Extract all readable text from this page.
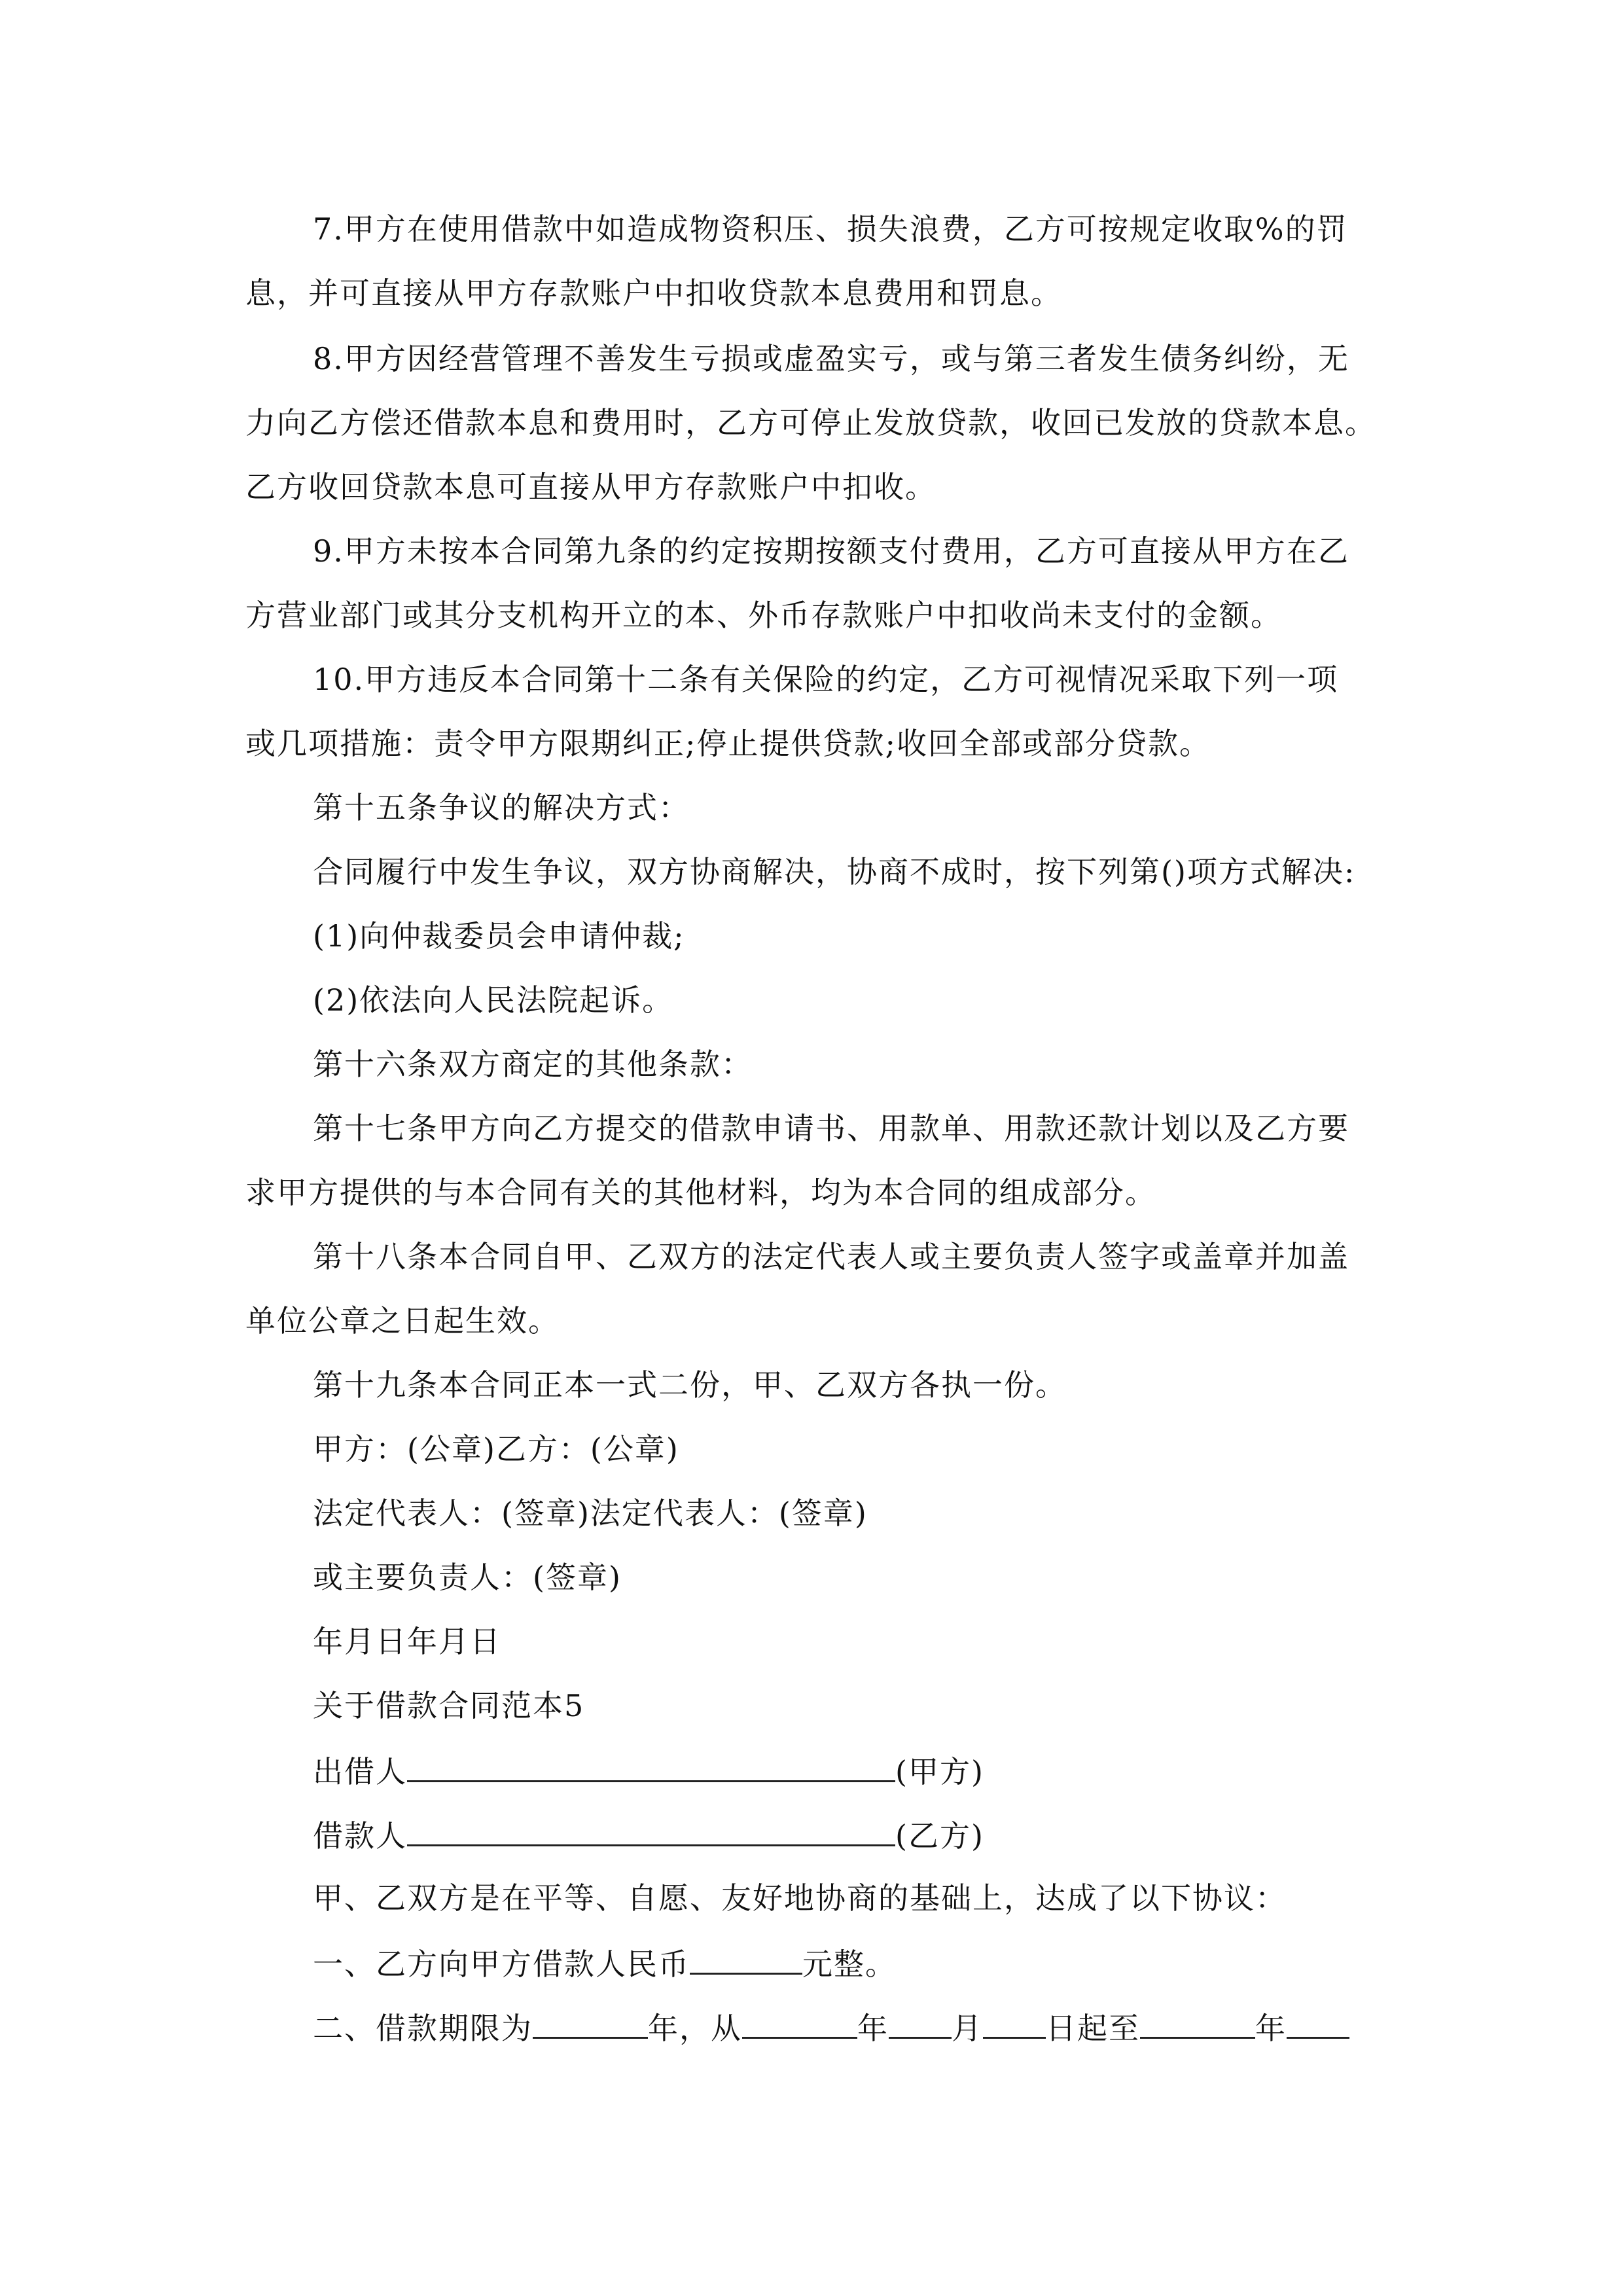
7.甲方在使用借款中如造成物资积压、损失浪费，乙方可按规定收取%的罚
息，并可直接从甲方存款账户中扣收贷款本息费用和罚息。
8.甲方因经营管理不善发生亏损或虚盈实亏，或与第三者发生债务纠纷，无
力向乙方偿还借款本息和费用时，乙方可停止发放贷款，收回已发放的贷款本息。
乙方收回贷款本息可直接从甲方存款账户中扣收。
9.甲方未按本合同第九条的约定按期按额支付费用，乙方可直接从甲方在乙
方营业部门或其分支机构开立的本、外币存款账户中扣收尚未支付的金额。
10.甲方违反本合同第十二条有关保险的约定，乙方可视情况采取下列一项
或几项措施：责令甲方限期纠正;停止提供贷款;收回全部或部分贷款。
第十五条争议的解决方式：
合同履行中发生争议，双方协商解决，协商不成时，按下列第()项方式解决:
(1)向仲裁委员会申请仲裁;
(2)依法向人民法院起诉。
第十六条双方商定的其他条款：
第十七条甲方向乙方提交的借款申请书、用款单、用款还款计划以及乙方要
求甲方提供的与本合同有关的其他材料，均为本合同的组成部分。
第十八条本合同自甲、乙双方的法定代表人或主要负责人签字或盖章并加盖
单位公章之日起生效。
第十九条本合同正本一式二份，甲、乙双方各执一份。
甲方：(公章)乙方：(公章)
法定代表人：(签章)法定代表人：(签章)
或主要负责人：(签章)
年月日年月日
关于借款合同范本5
出借人	(甲方)
借款人	(乙方)
甲、乙双方是在平等、自愿、友好地协商的基础上，达成了以下协议：
一、乙方向甲方借款人民币	元整。
二、借款期限为	年，从	年 月 日起至	年
